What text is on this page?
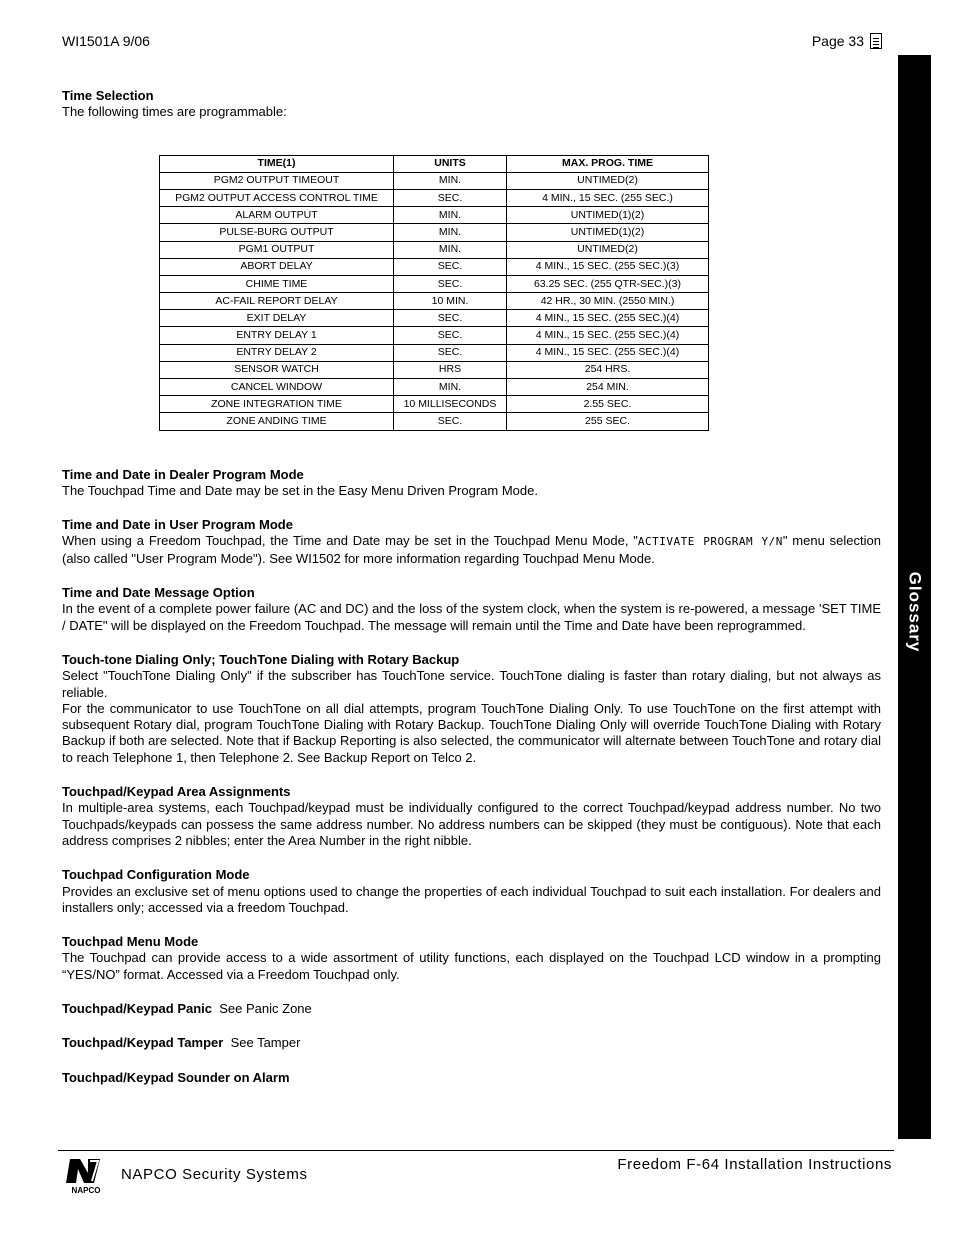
WI1501A 9/06	Page 33
Glossary

Time Selection

The following times are programmable:

TIME(1)	UNITS	MAX. PROG. TIME
PGM2 OUTPUT TIMEOUT	MIN.	UNTIMED(2)
PGM2 OUTPUT ACCESS CONTROL TIME	SEC.	4 MIN., 15 SEC. (255 SEC.)
ALARM OUTPUT	MIN.	UNTIMED(1)(2)
PULSE-BURG OUTPUT	MIN.	UNTIMED(1)(2)
PGM1 OUTPUT	MIN.	UNTIMED(2)
ABORT DELAY	SEC.	4 MIN., 15 SEC. (255 SEC.)(3)
CHIME TIME	SEC.	63.25 SEC. (255 QTR-SEC.)(3)
AC-FAIL REPORT DELAY	10 MIN.	42 HR., 30 MIN. (2550 MIN.)
EXIT DELAY	SEC.	4 MIN., 15 SEC. (255 SEC.)(4)
ENTRY DELAY 1	SEC.	4 MIN., 15 SEC. (255 SEC.)(4)
ENTRY DELAY 2	SEC.	4 MIN., 15 SEC. (255 SEC.)(4)
SENSOR WATCH	HRS	254 HRS.
CANCEL WINDOW	MIN.	254 MIN.
ZONE INTEGRATION TIME	10 MILLISECONDS	2.55 SEC.
ZONE ANDING TIME	SEC.	255 SEC.

Time and Date in Dealer Program Mode

The Touchpad Time and Date may be set in the Easy Menu Driven Program Mode.

Time and Date in User Program Mode

When using a Freedom Touchpad, the Time and Date may be set in the Touchpad Menu Mode, "ACTIVATE PROGRAM Y/N" menu selection (also called "User Program Mode"). See WI1502 for more information regarding Touchpad Menu Mode.

Time and Date Message Option

In the event of a complete power failure (AC and DC) and the loss of the system clock, when the system is re-powered, a message 'SET TIME / DATE" will be displayed on the Freedom Touchpad. The message will remain until the Time and Date have been reprogrammed.

Touch-tone Dialing Only; TouchTone Dialing with Rotary Backup

Select "TouchTone Dialing Only" if the subscriber has TouchTone service. TouchTone dialing is faster than rotary dialing, but not always as reliable.

For the communicator to use TouchTone on all dial attempts, program TouchTone Dialing Only. To use TouchTone on the first attempt with subsequent Rotary dial, program TouchTone Dialing with Rotary Backup. TouchTone Dialing Only will override TouchTone Dialing with Rotary Backup if both are selected. Note that if Backup Reporting is also selected, the communicator will alternate between TouchTone and rotary dial to reach Telephone 1, then Telephone 2. See Backup Report on Telco 2.

Touchpad/Keypad Area Assignments

In multiple-area systems, each Touchpad/keypad must be individually configured to the correct Touchpad/keypad address number. No two Touchpads/keypads can possess the same address number. No address numbers can be skipped (they must be contiguous). Note that each address comprises 2 nibbles; enter the Area Number in the right nibble.

Touchpad Configuration Mode

Provides an exclusive set of menu options used to change the properties of each individual Touchpad to suit each installation. For dealers and installers only; accessed via a freedom Touchpad.

Touchpad Menu Mode

The Touchpad can provide access to a wide assortment of utility functions, each displayed on the Touchpad LCD window in a prompting “YES/NO” format. Accessed via a Freedom Touchpad only.

Touchpad/Keypad Panic See Panic Zone

Touchpad/Keypad Tamper See Tamper

Touchpad/Keypad Sounder on Alarm

NAPCO
NAPCO Security Systems
Freedom F-64 Installation Instructions
